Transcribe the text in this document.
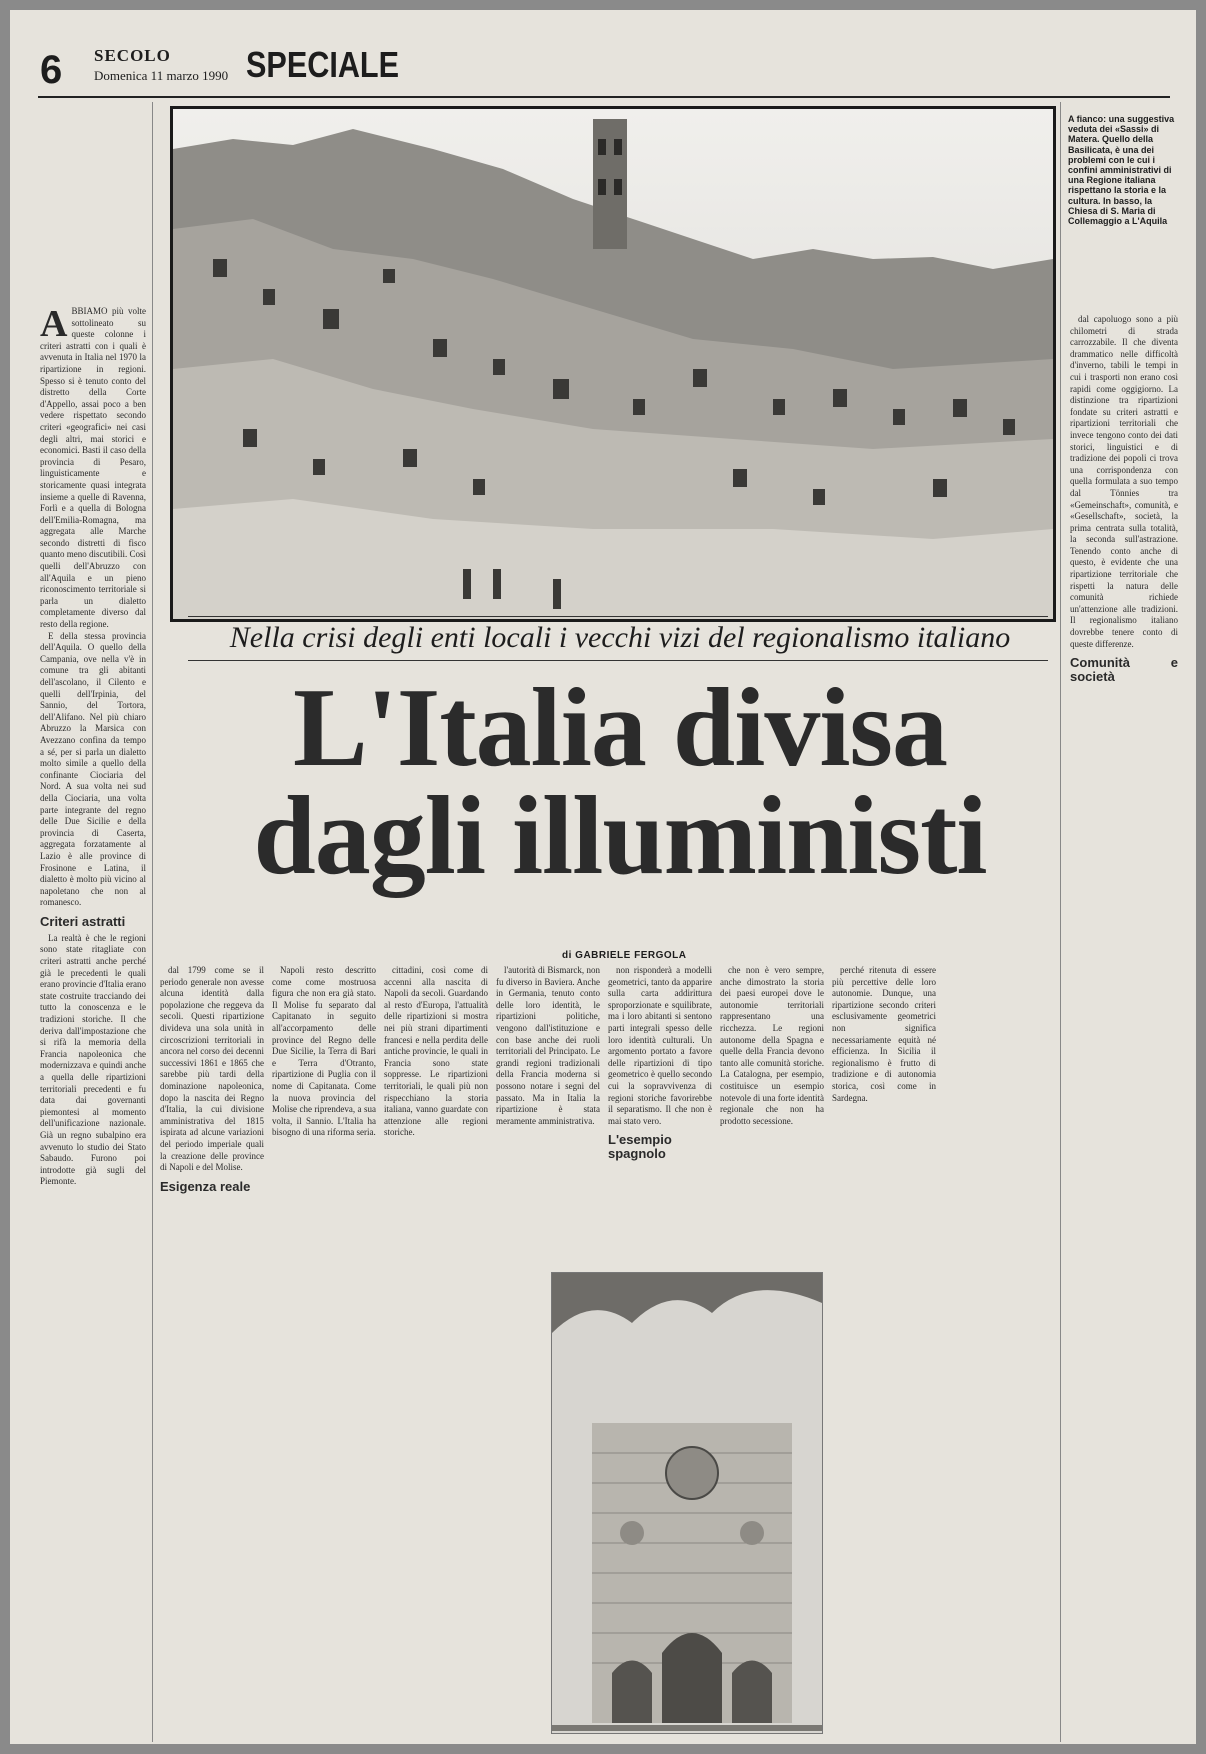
6 SECOLO
Domenica 11 marzo 1990 SPECIALE
ABBIAMO più volte sottolineato su queste colonne i criteri astratti con i quali è avvenuta in Italia nel 1970 la ripartizione in regioni. Spesso si è tenuto conto del distretto della Corte d'Appello, assai poco a ben vedere rispettato secondo criteri «geografici» nei casi degli altri, mai storici e economici. Basti il caso della provincia di Pesaro, linguisticamente e storicamente quasi integrata insieme a quelle di Ravenna, Forlì e a quella di Bologna dell'Emilia-Romagna, ma aggregata alle Marche secondo distretti di fisco quanto meno discutibili. Così quelli dell'Abruzzo con all'Aquila e un pieno riconoscimento territoriale si parla un dialetto completamente diverso dal resto della regione.

E della stessa provincia dell'Aquila. O quello della Campania, ove nella v'è in comune tra gli abitanti dell'ascolano, il Cilento e quelli dell'Irpinia, del Sannio, del Tortora, dell'Alifano. Nel più chiaro Abruzzo la Marsica con Avezzano confina da tempo a sé, per si parla un dialetto molto simile a quello della confinante Ciociaria del Nord. A sua volta nei sud della Ciociaria, una volta parte integrante del regno delle Due Sicilie e della provincia di Caserta, aggregata forzatamente al Lazio è alle province di Frosinone e Latina, il dialetto è molto più vicino al napoletano che non al romanesco.

Criteri astratti

La realtà è che le regioni sono state ritagliate con criteri astratti anche perché già le precedenti le quali erano provincie d'Italia erano state costruite tracciando dei tutto la conoscenza e le tradizioni storiche. Il che deriva dall'impostazione che si rifà la memoria della Francia napoleonica che modernizzava e quindi anche a quella delle ripartizioni territoriali precedenti e fu data dai governanti piemontesi al momento dell'unificazione nazionale. Già un regno subalpino era avvenuto lo studio dei Stato Sabaudo. Furono poi introdotte già sugli del Piemonte.

A fianco: una suggestiva veduta dei «Sassi» di Matera. Quello della Basilicata, è una dei problemi con le cui i confini amministrativi di una Regione italiana rispettano la storia e la cultura. In basso, la Chiesa di S. Maria di Collemaggio a L'Aquila
Nella crisi degli enti locali i vecchi vizi del regionalismo italiano
L'Italia divisa
dagli illuministi
di GABRIELE FERGOLA

dal 1799 come se il periodo generale non avesse alcuna identità dalla popolazione che reggeva da secoli. Questi ripartizione divideva una sola unità in circoscrizioni territoriali in ancora nel corso dei decenni successivi 1861 e 1865 che sarebbe più tardi della dominazione napoleonica, dopo la nascita dei Regno d'Italia, la cui divisione amministrativa del 1815 ispirata ad alcune variazioni del periodo imperiale quali la creazione delle province di Napoli e del Molise.

Esigenza reale

Napoli resto descritto come come mostruosa figura che non era già stato. Il Molise fu separato dal Capitanato in seguito all'accorpamento delle province del Regno delle Due Sicilie, la Terra di Bari e Terra d'Otranto, ripartizione di Puglia con il nome di Capitanata. Come la nuova provincia del Molise che riprendeva, a sua volta, il Sannio. L'Italia ha bisogno di una riforma seria.

cittadini, così come di accenni alla nascita di Napoli da secoli. Guardando al resto d'Europa, l'attualità delle ripartizioni si mostra nei più strani dipartimenti francesi e nella perdita delle antiche provincie, le quali in Francia sono state soppresse. Le ripartizioni territoriali, le quali più non rispecchiano la storia italiana, vanno guardate con attenzione alle regioni storiche.

l'autorità di Bismarck, non fu diverso in Baviera. Anche in Germania, tenuto conto delle loro identità, le ripartizioni politiche, vengono dall'istituzione e con base anche dei ruoli territoriali del Principato. Le grandi regioni tradizionali della Francia moderna si possono notare i segni del passato. Ma in Italia la ripartizione è stata meramente amministrativa.

non risponderà a modelli geometrici, tanto da apparire sulla carta addirittura sproporzionate e squilibrate, ma i loro abitanti si sentono parti integrali spesso delle loro identità culturali. Un argomento portato a favore delle ripartizioni di tipo geometrico è quello secondo cui la sopravvivenza di regioni storiche favorirebbe il separatismo. Il che non è mai stato vero.

L'esempio spagnolo

che non è vero sempre, anche dimostrato la storia dei paesi europei dove le autonomie territoriali rappresentano una ricchezza. Le regioni autonome della Spagna e quelle della Francia devono tanto alle comunità storiche. La Catalogna, per esempio, costituisce un esempio notevole di una forte identità regionale che non ha prodotto secessione.

perché ritenuta di essere più percettive delle loro autonomie. Dunque, una ripartizione secondo criteri esclusivamente geometrici non significa necessariamente equità né efficienza. In Sicilia il regionalismo è frutto di tradizione e di autonomia storica, così come in Sardegna.

dal capoluogo sono a più chilometri di strada carrozzabile. Il che diventa drammatico nelle difficoltà d'inverno, tabili le tempi in cui i trasporti non erano così rapidi come oggigiorno. La distinzione tra ripartizioni fondate su criteri astratti e ripartizioni territoriali che invece tengono conto dei dati storici, linguistici e di tradizione dei popoli ci trova una corrispondenza con quella formulata a suo tempo dal Tönnies tra «Gemeinschaft», comunità, e «Gesellschaft», società, la prima centrata sulla totalità, la seconda sull'astrazione. Tenendo conto anche di questo, è evidente che una ripartizione territoriale che rispetti la natura delle comunità richiede un'attenzione alle tradizioni. Il regionalismo italiano dovrebbe tenere conto di queste differenze.

Comunità e società
